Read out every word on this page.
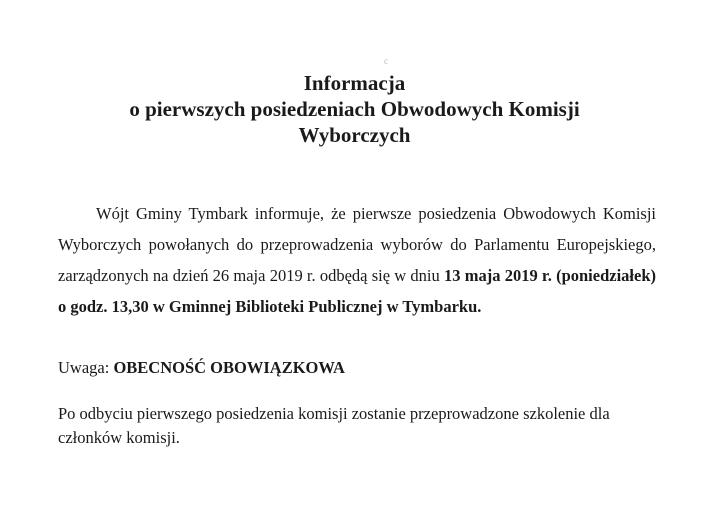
c
Informacja
o pierwszych posiedzeniach Obwodowych Komisji
Wyborczych
Wójt Gminy Tymbark informuje, że pierwsze posiedzenia Obwodowych Komisji Wyborczych powołanych do przeprowadzenia wyborów do Parlamentu Europejskiego, zarządzonych na dzień 26 maja 2019 r. odbędą się w dniu 13 maja 2019 r. (poniedziałek) o godz. 13,30 w Gminnej Biblioteki Publicznej w Tymbarku.
Uwaga: OBECNOŚĆ OBOWIĄZKOWA
Po odbyciu pierwszego posiedzenia komisji zostanie przeprowadzone szkolenie dla członków komisji.
